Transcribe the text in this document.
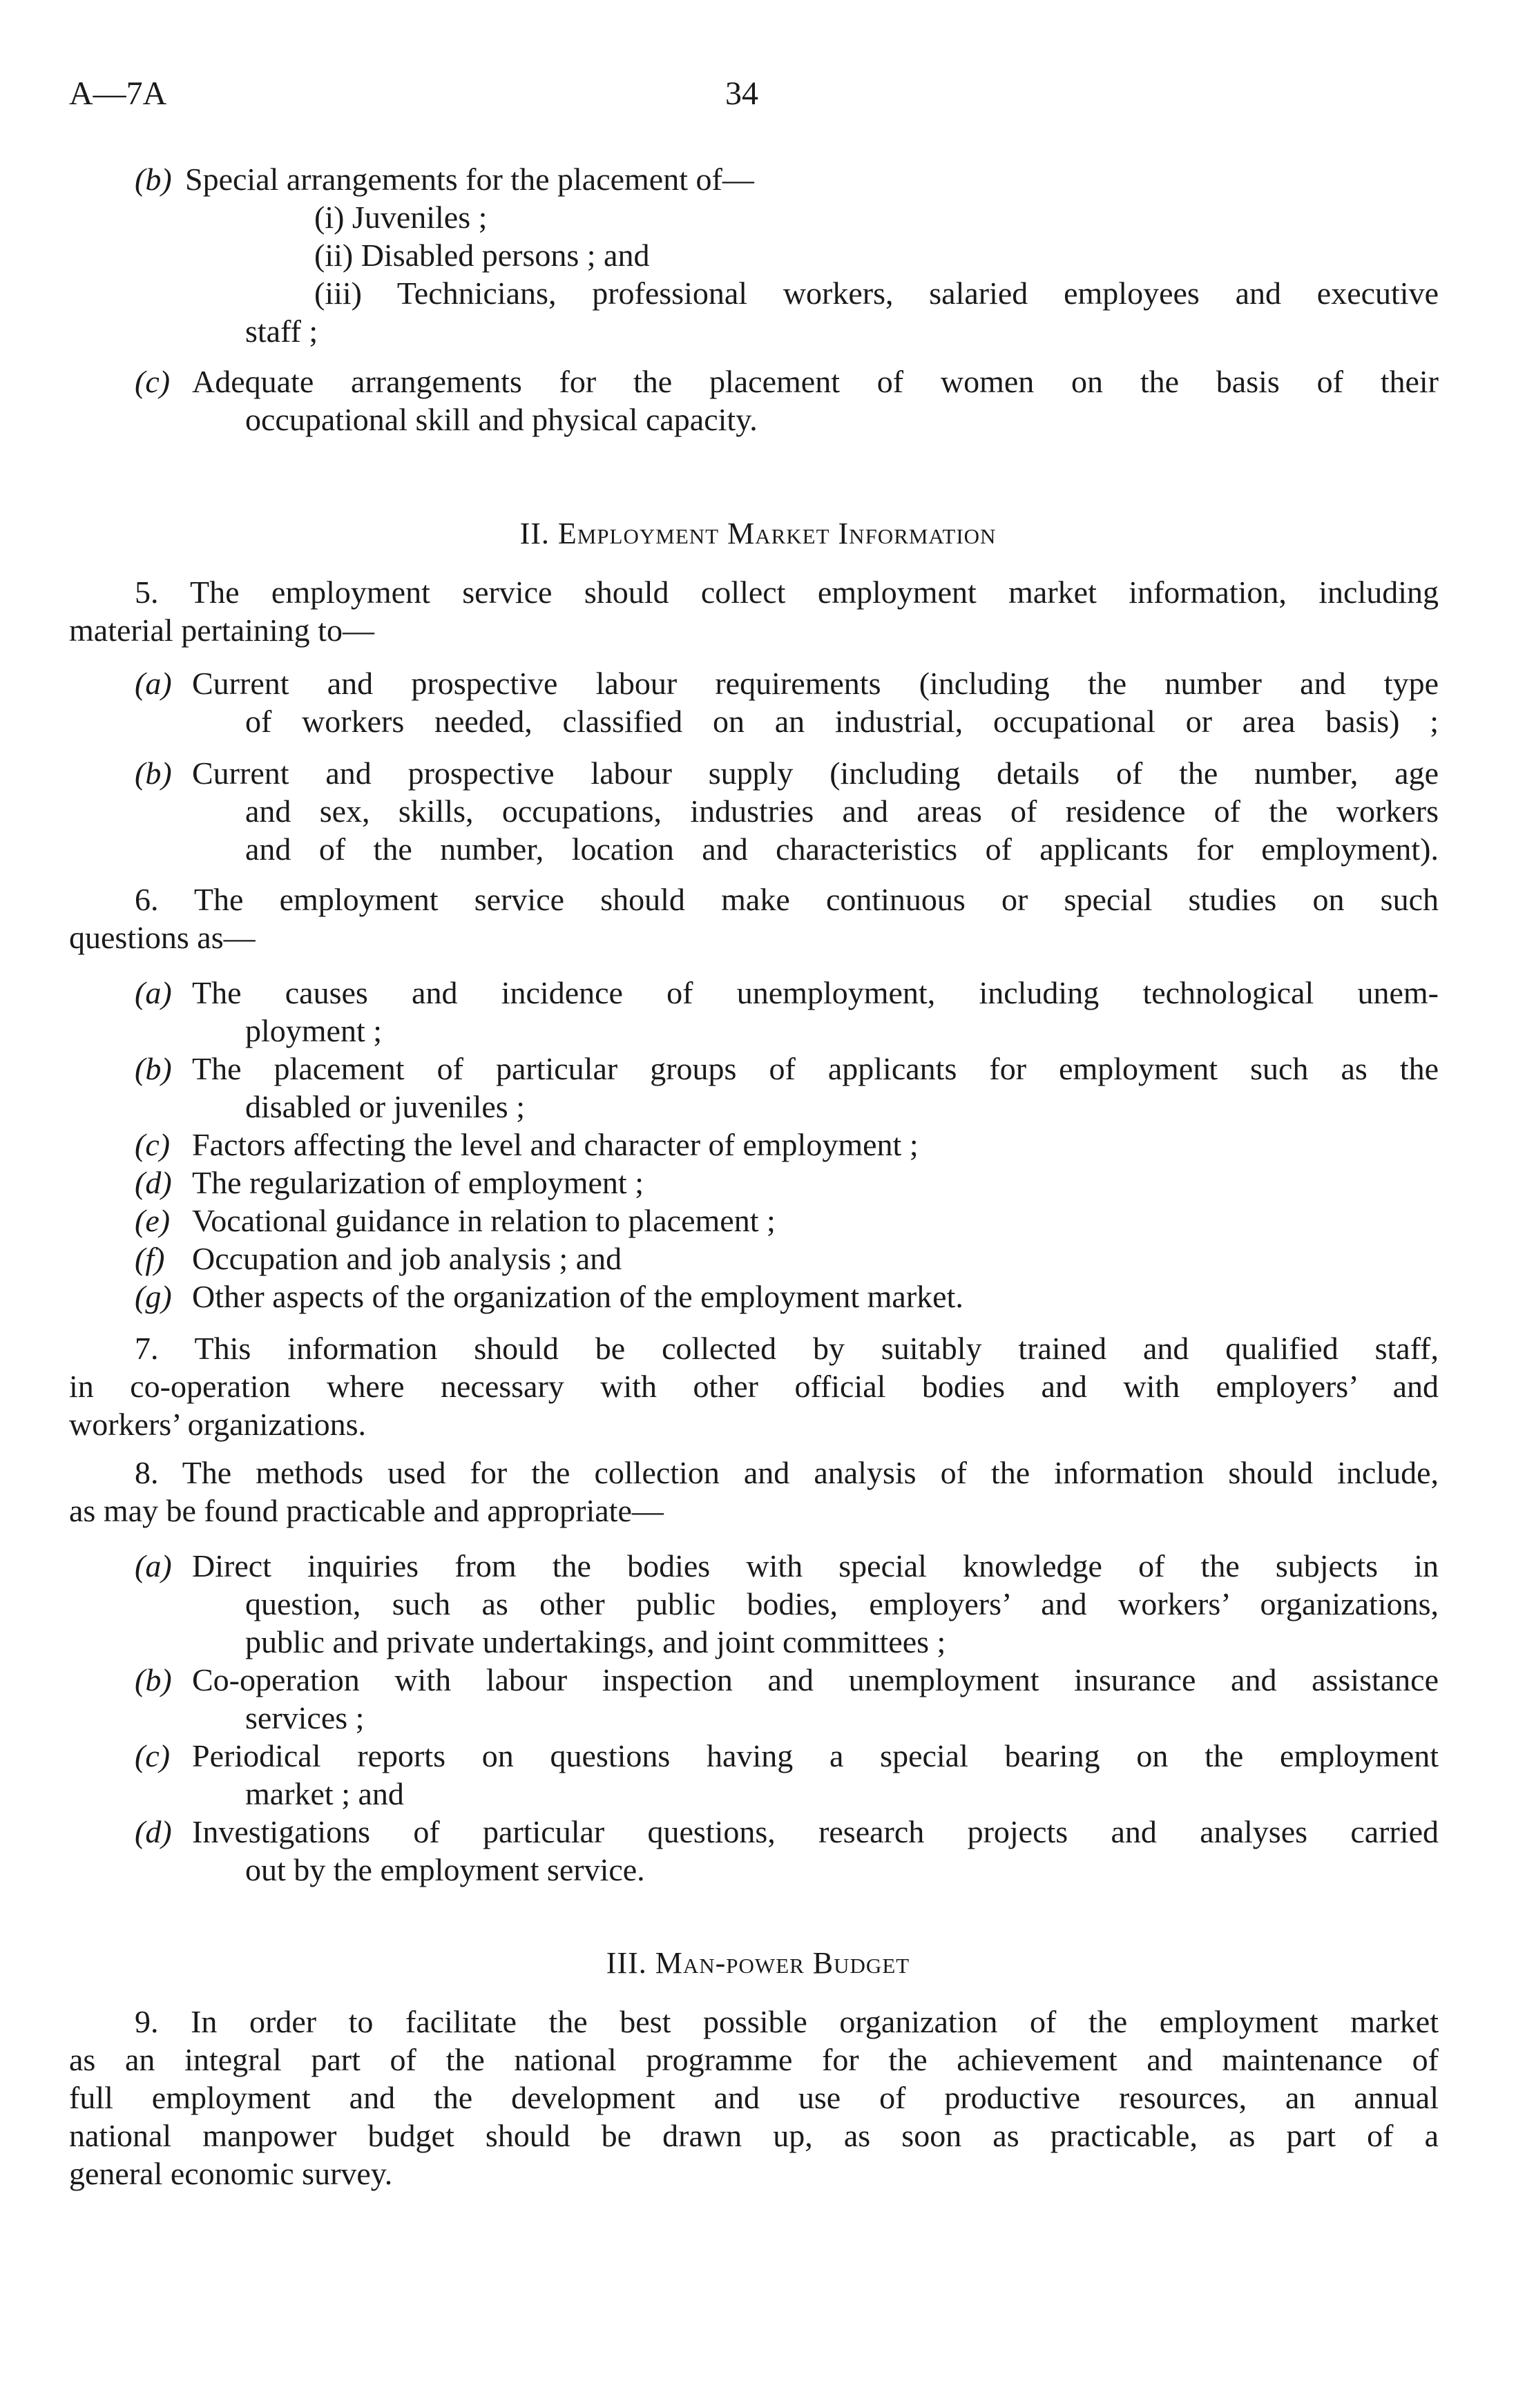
A—7A	34
(b) Special arrangements for the placement of—
(i) Juveniles ;
(ii) Disabled persons ; and
(iii) Technicians, professional workers, salaried employees and executive
staff ;
(c) Adequate arrangements for the placement of women on the basis of their
occupational skill and physical capacity.
II. Employment Market Information
5. The employment service should collect employment market information, including
material pertaining to—
(a) Current and prospective labour requirements (including the number and type
of workers needed, classified on an industrial, occupational or area basis) ;
(b) Current and prospective labour supply (including details of the number, age
and sex, skills, occupations, industries and areas of residence of the workers
and of the number, location and characteristics of applicants for employment).
6. The employment service should make continuous or special studies on such
questions as—
(a) The causes and incidence of unemployment, including technological unem-
ployment ;
(b) The placement of particular groups of applicants for employment such as the
disabled or juveniles ;
(c) Factors affecting the level and character of employment ;
(d) The regularization of employment ;
(e) Vocational guidance in relation to placement ;
(f) Occupation and job analysis ; and
(g) Other aspects of the organization of the employment market.
7. This information should be collected by suitably trained and qualified staff,
in co-operation where necessary with other official bodies and with employers’ and
workers’ organizations.
8. The methods used for the collection and analysis of the information should include,
as may be found practicable and appropriate—
(a) Direct inquiries from the bodies with special knowledge of the subjects in
question, such as other public bodies, employers’ and workers’ organizations,
public and private undertakings, and joint committees ;
(b) Co-operation with labour inspection and unemployment insurance and assistance
services ;
(c) Periodical reports on questions having a special bearing on the employment
market ; and
(d) Investigations of particular questions, research projects and analyses carried
out by the employment service.
III. Man-power Budget
9. In order to facilitate the best possible organization of the employment market
as an integral part of the national programme for the achievement and maintenance of
full employment and the development and use of productive resources, an annual
national manpower budget should be drawn up, as soon as practicable, as part of a
general economic survey.
